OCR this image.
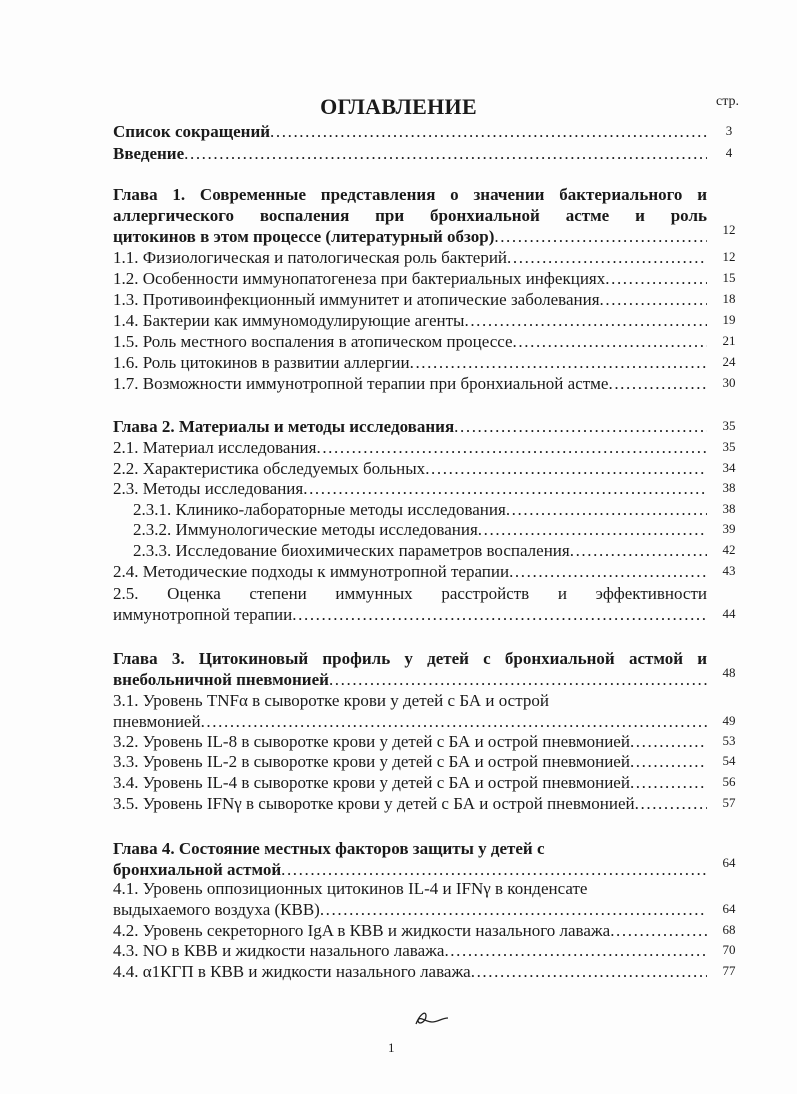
ОГЛАВЛЕНИЕ	стр.
Список сокращений .....	3
Введение .....	4
Глава 1. Современные представления о значении бактериального и
аллергического воспаления при бронхиальной астме и роль
цитокинов в этом процессе (литературный обзор) .....	12
1.1. Физиологическая и патологическая роль бактерий .....	12
1.2. Особенности иммунопатогенеза при бактериальных инфекциях .....	15
1.3. Противоинфекционный иммунитет и атопические заболевания .....	18
1.4. Бактерии как иммуномодулирующие агенты .....	19
1.5. Роль местного воспаления в атопическом процессе .....	21
1.6. Роль цитокинов в развитии аллергии .....	24
1.7. Возможности иммунотропной терапии при бронхиальной астме .....	30
Глава 2. Материалы и методы исследования .....	35
2.1. Материал исследования .....	35
2.2. Характеристика обследуемых больных .....	34
2.3. Методы исследования .....	38
2.3.1. Клинико-лабораторные методы исследования .....	38
2.3.2. Иммунологические методы исследования .....	39
2.3.3. Исследование биохимических параметров воспаления .....	42
2.4. Методические подходы к иммунотропной терапии .....	43
2.5. Оценка степени иммунных расстройств и эффективности
иммунотропной терапии .....	44
Глава 3. Цитокиновый профиль у детей с бронхиальной астмой и
внебольничной пневмонией .....	48
3.1. Уровень TNFα в сыворотке крови у детей с БА и острой
пневмонией .....	49
3.2. Уровень IL-8 в сыворотке крови у детей с БА и острой пневмонией .....	53
3.3. Уровень IL-2 в сыворотке крови у детей с БА и острой пневмонией .....	54
3.4. Уровень IL-4 в сыворотке крови у детей с БА и острой пневмонией .....	56
3.5. Уровень IFNγ в сыворотке крови у детей с БА и острой пневмонией .....	57
Глава 4. Состояние местных факторов защиты у детей с
бронхиальной астмой .....	64
4.1. Уровень оппозиционных цитокинов IL-4 и IFNγ в конденсате
выдыхаемого воздуха (КВВ) .....	64
4.2. Уровень секреторного IgA в КВВ и жидкости назального лаважа .....	68
4.3. NO в КВВ и жидкости назального лаважа .....	70
4.4. α1КГП в КВВ и жидкости назального лаважа .....	77
1
